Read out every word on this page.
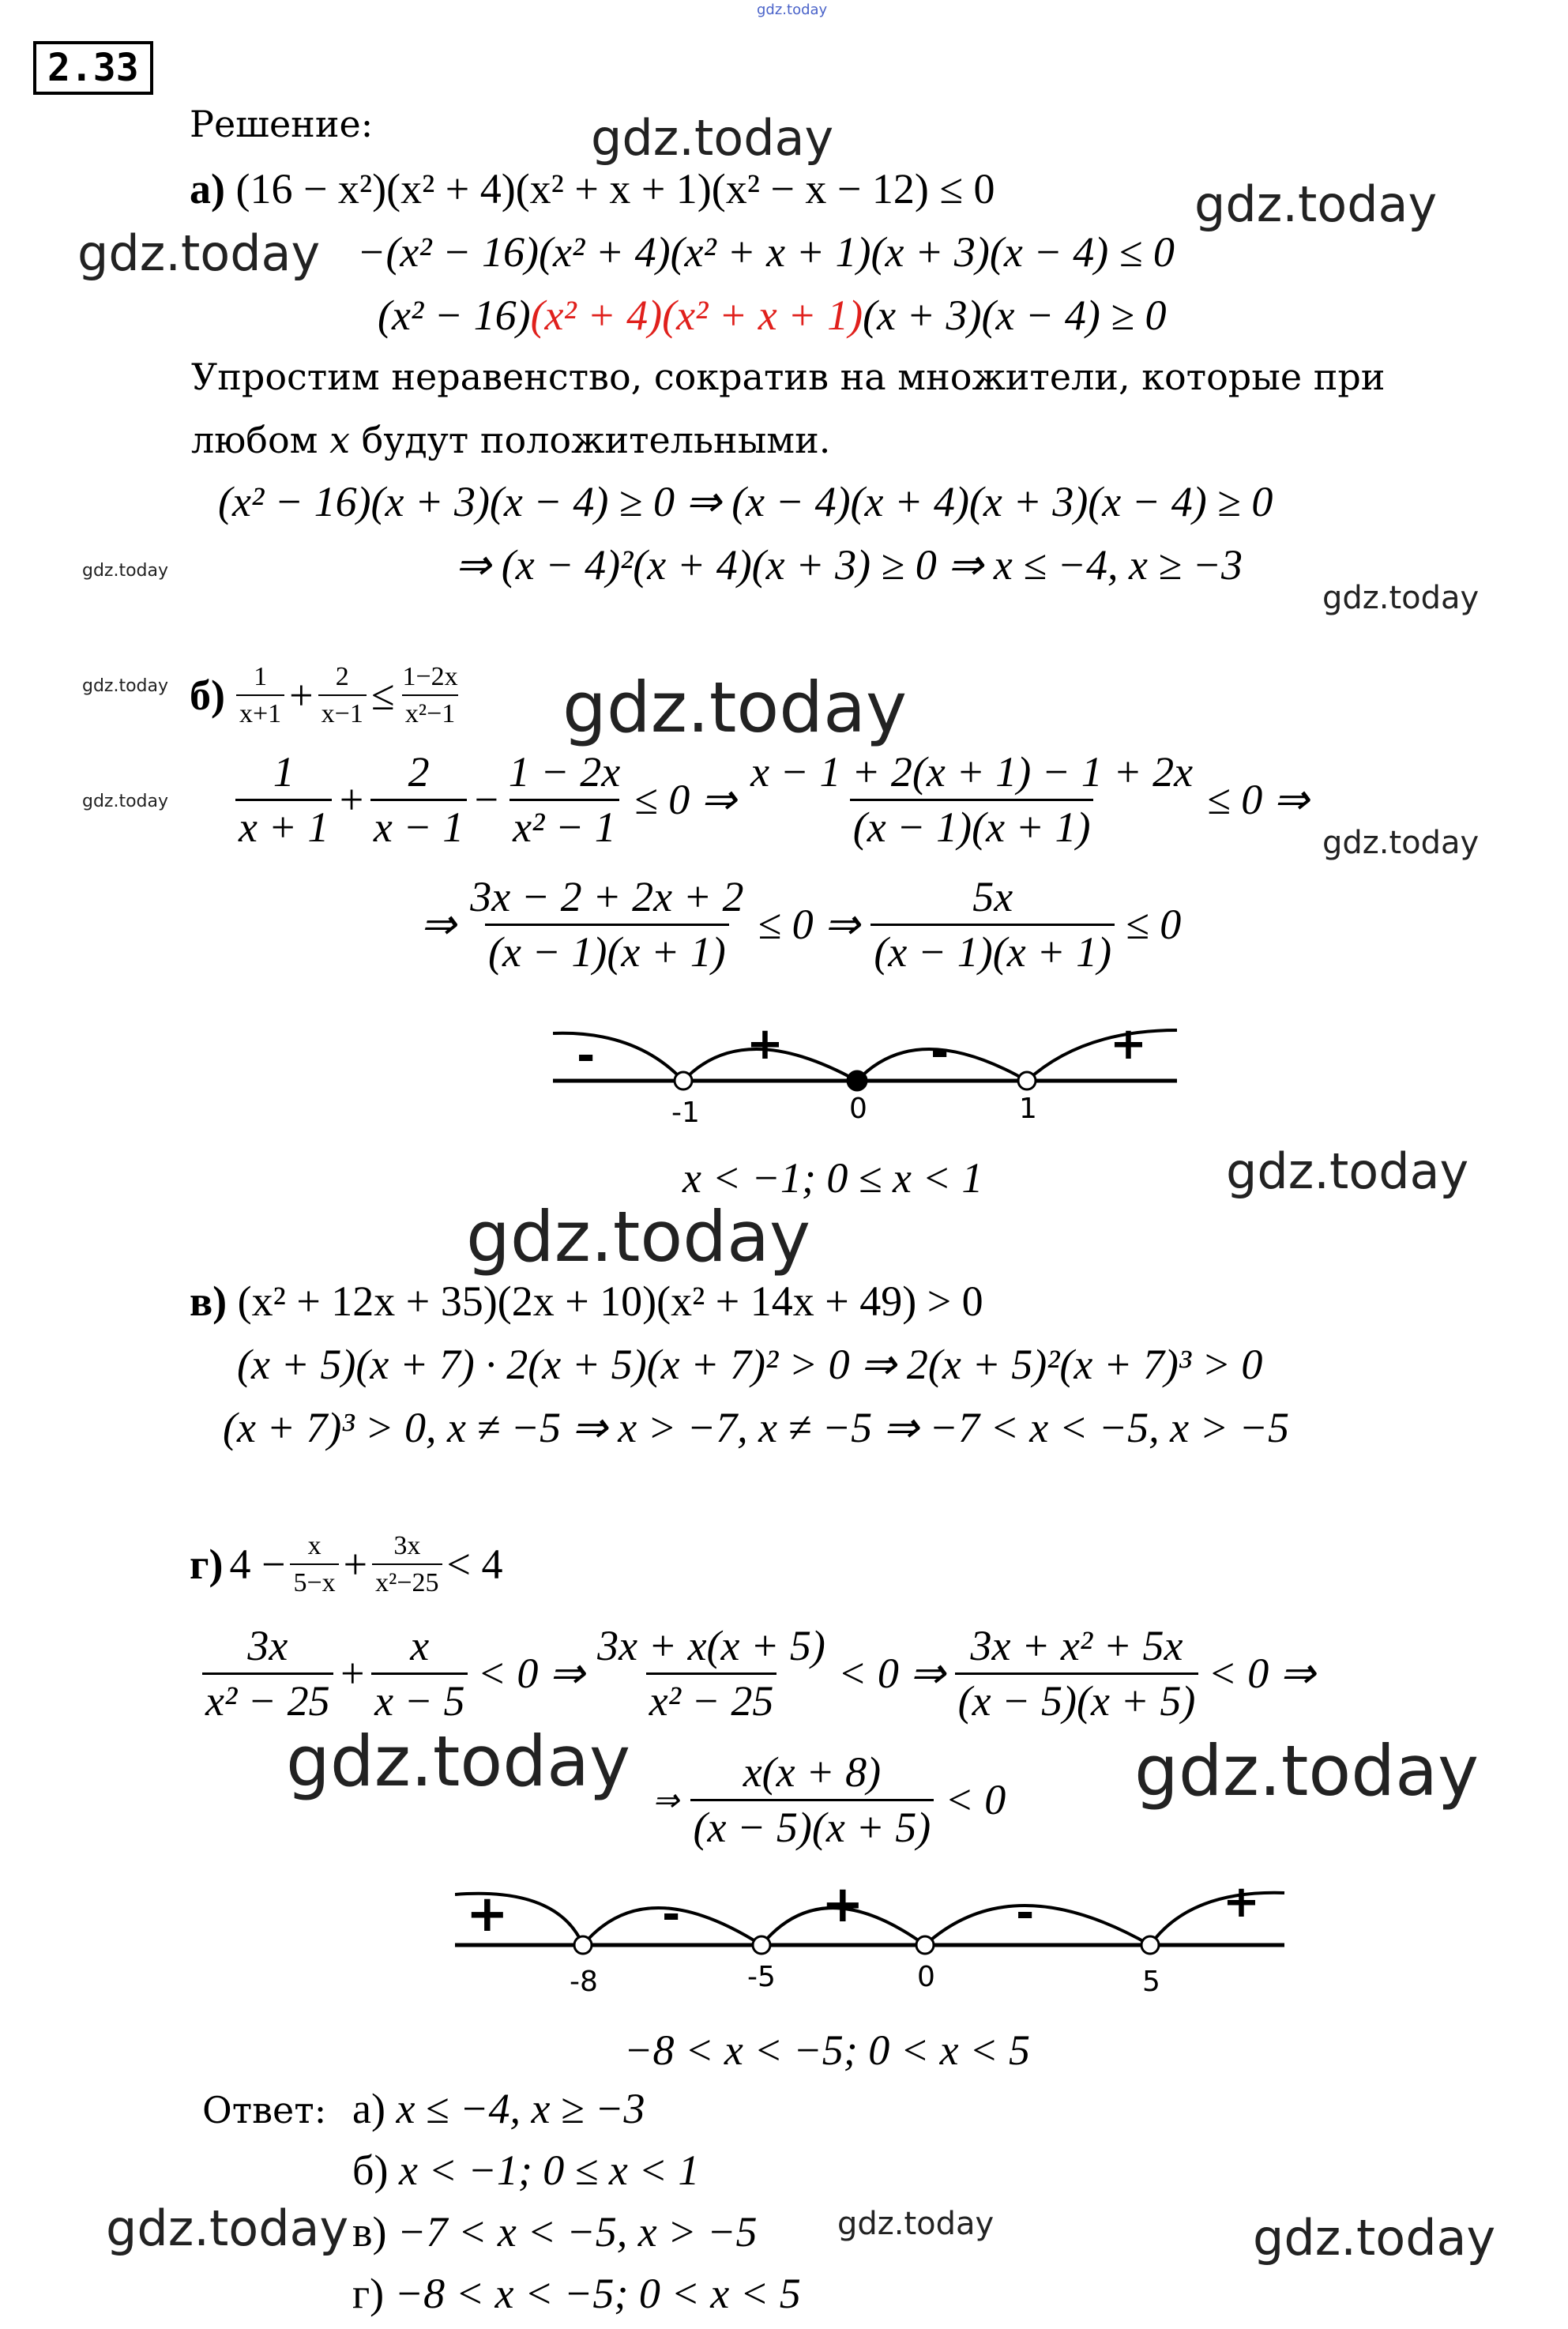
gdz.today
2.33
Решение:
а) (16 − x²)(x² + 4)(x² + x + 1)(x² − x − 12) ≤ 0
−(x² − 16)(x² + 4)(x² + x + 1)(x + 3)(x − 4) ≤ 0
(x² − 16)(x² + 4)(x² + x + 1)(x + 3)(x − 4) ≥ 0
Упростим неравенство, сократив на множители, которые при
любом x будут положительными.
(x² − 16)(x + 3)(x − 4) ≥ 0 ⇒ (x − 4)(x + 4)(x + 3)(x − 4) ≥ 0
⇒ (x − 4)²(x + 4)(x + 3) ≥ 0 ⇒ x ≤ −4, x ≥ −3
$б) \frac{1}{x+1} + \frac{2}{x-1} \le \frac{1-2x}{\text{x²−1}}$
$\frac{1}{x + 1} + \frac{2}{x - 1} - \frac{1 - 2x}{\text{x² − 1}} \le 0$ ⇒ $\frac{x - 1 + 2(x + 1) - 1 + 2x}{(x - 1)(x + 1)} \le 0$ ⇒
⇒ $\frac{3x - 2 + 2x + 2}{(x - 1)(x + 1)} \le 0$ ⇒ $\frac{5x}{(x - 1)(x + 1)} \le 0$
-	+	-	+
-1	0	1
x < −1; 0 ≤ x < 1
в) (x² + 12x + 35)(2x + 10)(x² + 14x + 49) > 0
(x + 5)(x + 7) · 2(x + 5)(x + 7)² > 0 ⇒ 2(x + 5)²(x + 7)³ > 0
(x + 7)³ > 0, x ≠ −5 ⇒ x > −7, x ≠ −5 ⇒ −7 < x < −5, x > −5
г) $4 - \frac{x}{5-x} + \frac{3x}{\text{x²−25}} < 4$
$\frac{3x}{\text{x² − 25}} + \frac{x}{x - 5} < 0$ ⇒ $\frac{3x + x(x + 5)}{\text{x² − 25}} < 0$ ⇒ $\frac{\text{3x + x² + 5x}}{(x - 5)(x + 5)} < 0$ ⇒
⇒ $\frac{x(x + 8)}{(x - 5)(x + 5)} < 0$
+	-	+	-	+
-8	-5	0	5
−8 < x < −5; 0 < x < 5
Ответ: а) x ≤ −4, x ≥ −3
б) x < −1; 0 ≤ x < 1
в) −7 < x < −5, x > −5
г) −8 < x < −5; 0 < x < 5
gdz.today
gdz.today
gdz.today
gdz.today
gdz.today
gdz.today	gdz.today
gdz.today
gdz.today
gdz.today
gdz.today
gdz.today	gdz.today
gdz.today	gdz.today	gdz.today
